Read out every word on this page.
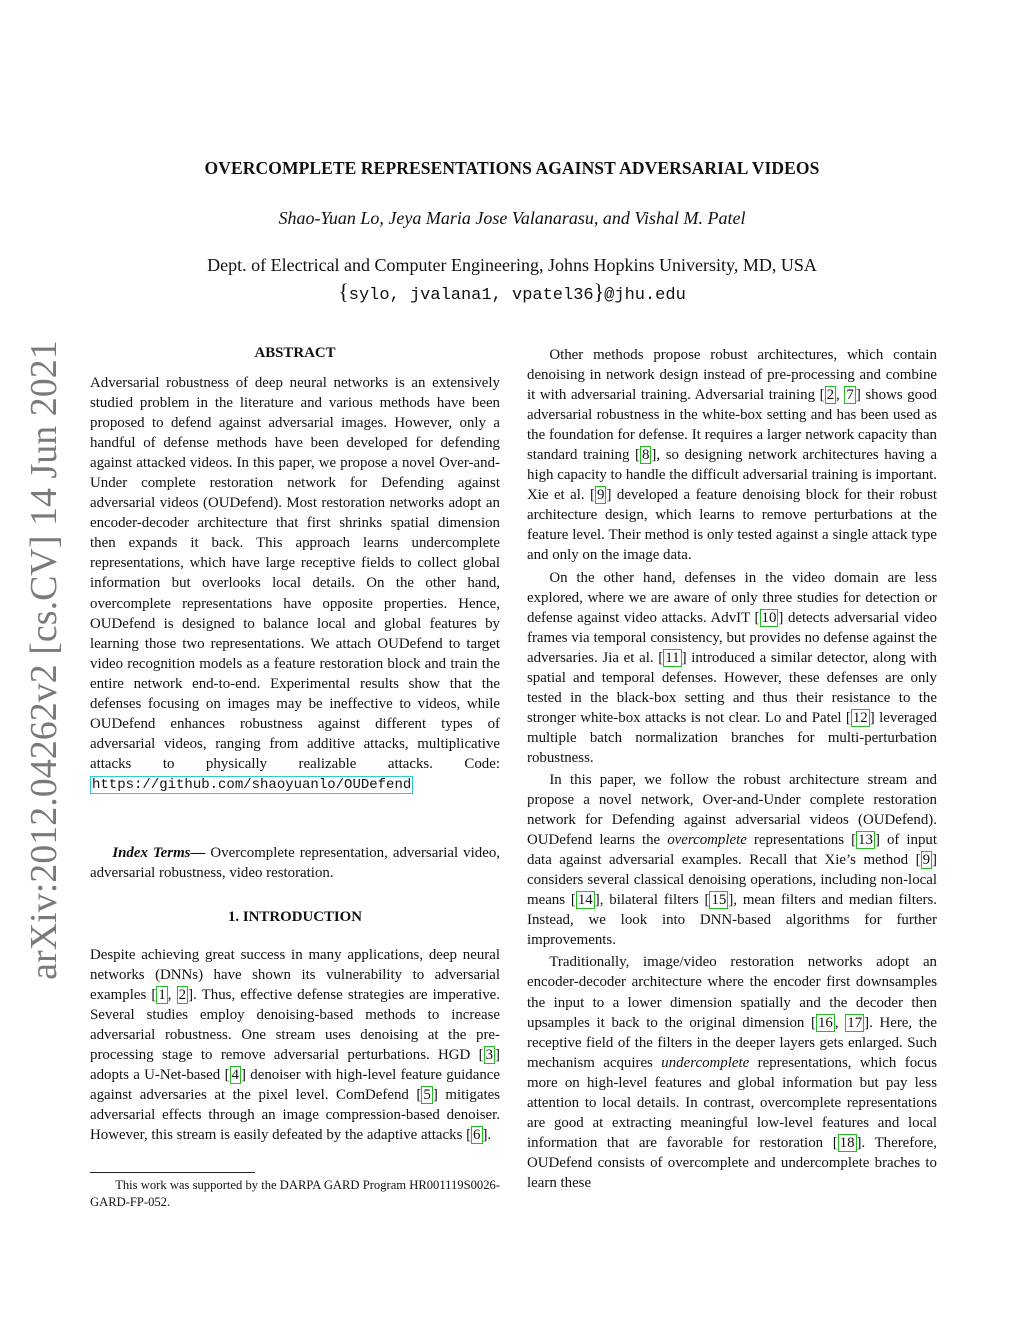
arXiv:2012.04262v2 [cs.CV] 14 Jun 2021
OVERCOMPLETE REPRESENTATIONS AGAINST ADVERSARIAL VIDEOS
Shao-Yuan Lo, Jeya Maria Jose Valanarasu, and Vishal M. Patel
Dept. of Electrical and Computer Engineering, Johns Hopkins University, MD, USA
{sylo, jvalana1, vpatel36}@jhu.edu
ABSTRACT

Adversarial robustness of deep neural networks is an extensively studied problem in the literature and various methods have been proposed to defend against adversarial images. However, only a handful of defense methods have been developed for defending against attacked videos. In this paper, we propose a novel Over-and-Under complete restoration network for Defending against adversarial videos (OUDefend). Most restoration networks adopt an encoder-decoder architecture that first shrinks spatial dimension then expands it back. This approach learns undercomplete representations, which have large receptive fields to collect global information but overlooks local details. On the other hand, overcomplete representations have opposite properties. Hence, OUDefend is designed to balance local and global features by learning those two representations. We attach OUDefend to target video recognition models as a feature restoration block and train the entire network end-to-end. Experimental results show that the defenses focusing on images may be ineffective to videos, while OUDefend enhances robustness against different types of adversarial videos, ranging from additive attacks, multiplicative attacks to physically realizable attacks. Code: https://github.com/shaoyuanlo/OUDefend

Index Terms— Overcomplete representation, adversarial video, adversarial robustness, video restoration.

1. INTRODUCTION

Despite achieving great success in many applications, deep neural networks (DNNs) have shown its vulnerability to adversarial examples [ 1 , 2 ]. Thus, effective defense strategies are imperative. Several studies employ denoising-based methods to increase adversarial robustness. One stream uses denoising at the pre-processing stage to remove adversarial perturbations. HGD [ 3 ] adopts a U-Net-based [ 4 ] denoiser with high-level feature guidance against adversaries at the pixel level. ComDefend [ 5 ] mitigates adversarial effects through an image compression-based denoiser. However, this stream is easily defeated by the adaptive attacks [ 6 ].

This work was supported by the DARPA GARD Program HR001119S0026-GARD-FP-052.

Other methods propose robust architectures, which contain denoising in network design instead of pre-processing and combine it with adversarial training. Adversarial training [ 2 , 7 ] shows good adversarial robustness in the white-box setting and has been used as the foundation for defense. It requires a larger network capacity than standard training [ 8 ], so designing network architectures having a high capacity to handle the difficult adversarial training is important. Xie et al. [ 9 ] developed a feature denoising block for their robust architecture design, which learns to remove perturbations at the feature level. Their method is only tested against a single attack type and only on the image data.

On the other hand, defenses in the video domain are less explored, where we are aware of only three studies for detection or defense against video attacks. AdvIT [ 10 ] detects adversarial video frames via temporal consistency, but provides no defense against the adversaries. Jia et al. [ 11 ] introduced a similar detector, along with spatial and temporal defenses. However, these defenses are only tested in the black-box setting and thus their resistance to the stronger white-box attacks is not clear. Lo and Patel [ 12 ] leveraged multiple batch normalization branches for multi-perturbation robustness.

In this paper, we follow the robust architecture stream and propose a novel network, Over-and-Under complete restoration network for Defending against adversarial videos (OUDefend). OUDefend learns the overcomplete representations [ 13 ] of input data against adversarial examples. Recall that Xie’s method [ 9 ] considers several classical denoising operations, including non-local means [ 14 ], bilateral filters [ 15 ], mean filters and median filters. Instead, we look into DNN-based algorithms for further improvements.

Traditionally, image/video restoration networks adopt an encoder-decoder architecture where the encoder first downsamples the input to a lower dimension spatially and the decoder then upsamples it back to the original dimension [ 16 , 17 ]. Here, the receptive field of the filters in the deeper layers gets enlarged. Such mechanism acquires undercomplete representations, which focus more on high-level features and global information but pay less attention to local details. In contrast, overcomplete representations are good at extracting meaningful low-level features and local information that are favorable for restoration [ 18 ]. Therefore, OUDefend consists of overcomplete and undercomplete braches to learn these
